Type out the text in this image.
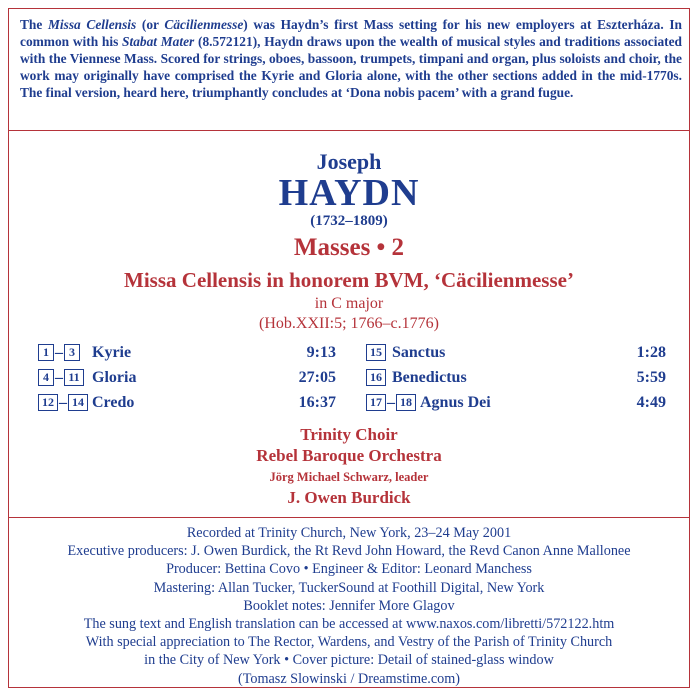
The Missa Cellensis (or Cäcilienmesse) was Haydn’s first Mass setting for his new employers at Eszterháza. In common with his Stabat Mater (8.572121), Haydn draws upon the wealth of musical styles and traditions associated with the Viennese Mass. Scored for strings, oboes, bassoon, trumpets, timpani and organ, plus soloists and choir, the work may originally have comprised the Kyrie and Gloria alone, with the other sections added in the mid-1770s. The final version, heard here, triumphantly concludes at ‘Dona nobis pacem’ with a grand fugue.
Joseph
HAYDN
(1732–1809)
Masses • 2
Missa Cellensis in honorem BVM, ‘Cäcilienmesse’
in C major
(Hob.XXII:5; 1766–c.1776)
1 – 3 Kyrie	9:13
4 – 11 Gloria	27:05
12 – 14 Credo	16:37
15 Sanctus	1:28
16 Benedictus	5:59
17 – 18 Agnus Dei	4:49
Trinity Choir
Rebel Baroque Orchestra
Jörg Michael Schwarz, leader
J. Owen Burdick
Recorded at Trinity Church, New York, 23–24 May 2001
Executive producers: J. Owen Burdick, the Rt Revd John Howard, the Revd Canon Anne Mallonee
Producer: Bettina Covo • Engineer & Editor: Leonard Manchess
Mastering: Allan Tucker, TuckerSound at Foothill Digital, New York
Booklet notes: Jennifer More Glagov
The sung text and English translation can be accessed at www.naxos.com/libretti/572122.htm
With special appreciation to The Rector, Wardens, and Vestry of the Parish of Trinity Church
in the City of New York • Cover picture: Detail of stained-glass window
(Tomasz Slowinski / Dreamstime.com)
